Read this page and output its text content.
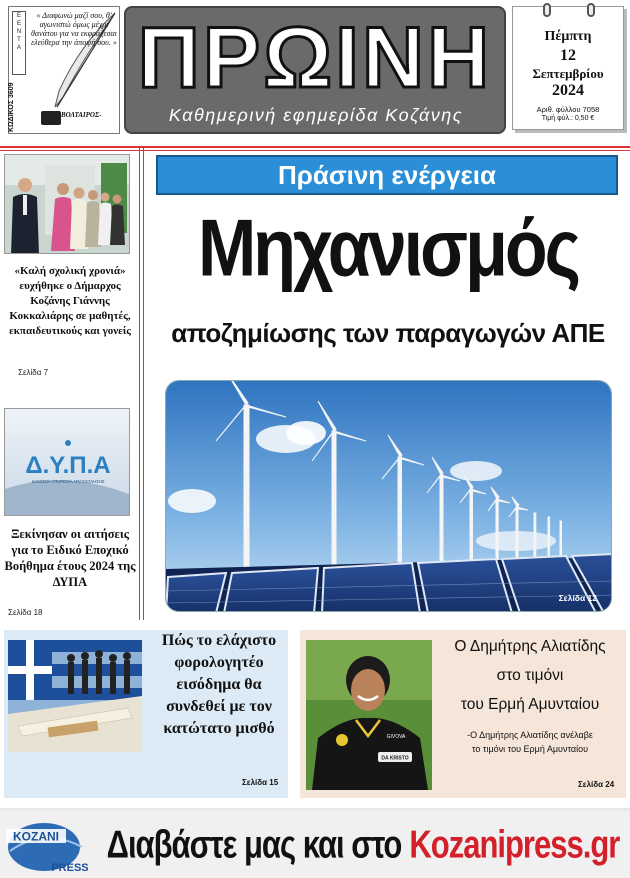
Ε
Ε
Ν
Τ
Α
ΚΩΔΙΚΟΣ 3609
« Διαφωνώ μαζί σου, θ' αγωνιστώ όμως μέχρι θανάτου για να εκφράζεσαι ελεύθερα την άποψή σου. »
ΒΟΛΤΑΙΡΟΣ-
ΠΡΩΙΝΗ
Καθημερινή εφημερίδα Κοζάνης
Πέμπτη
12
Σεπτεμβρίου
2024
Αριθ. φύλλου 7058
Τιμή φύλ.: 0,50 €
«Καλή σχολική χρονιά» ευχήθηκε ο Δήμαρχος Κοζάνης Γιάννης Κοκκαλιάρης σε μαθητές, εκπαιδευτικούς και γονείς
Σελίδα 7
Δ.Υ.Π.Α
ΔΗΜΟΣΙΑ ΥΠΗΡΕΣΙΑ ΑΠΑΣΧΟΛΗΣΗΣ
Ξεκίνησαν οι αιτήσεις για το Ειδικό Εποχικό Βοήθημα έτους 2024 της ΔΥΠΑ
Σελίδα 18
Πράσινη ενέργεια
Μηχανισμός
αποζημίωσης των παραγωγών ΑΠΕ
Σελίδα 12
Πώς το ελάχιστο φορολογητέο εισόδημα θα συνδεθεί με τον κατώτατο μισθό
Σελίδα 15
GIVOVA
DA KRISTO
Ο Δημήτρης Αλιατίδης
στο τιμόνι
του Ερμή Αμυνταίου
-Ο Δημήτρης Αλιατίδης ανέλαβε
το τιμόνι του Ερμή Αμυνταίου
Σελίδα 24
KOZANI
PRESS
Διαβάστε μας και στο Kozanipress.gr
